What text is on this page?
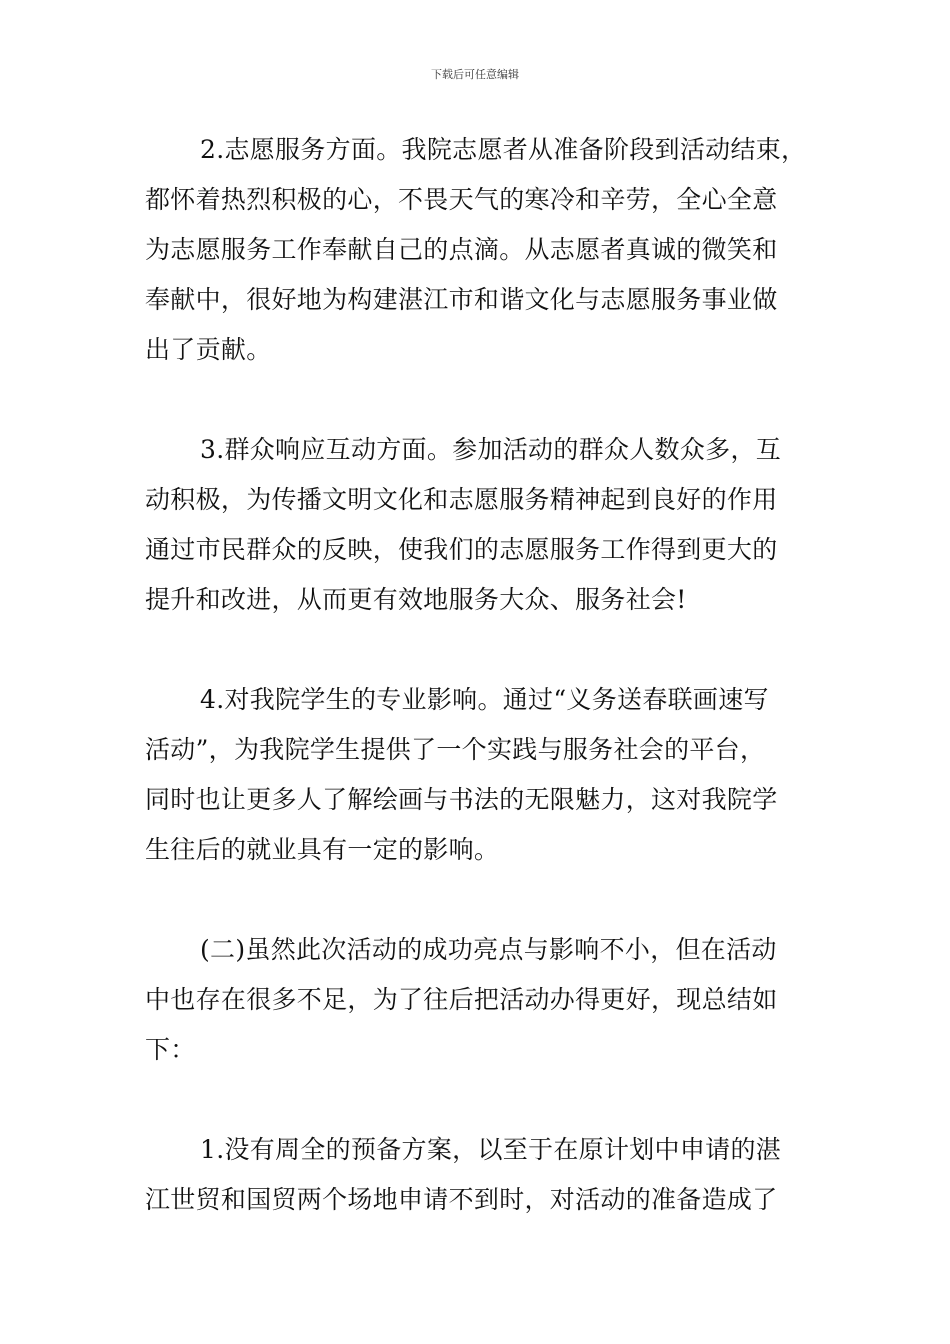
下载后可任意编辑
2.志愿服务方面。我院志愿者从准备阶段到活动结束，
都怀着热烈积极的心，不畏天气的寒冷和辛劳，全心全意
为志愿服务工作奉献自己的点滴。从志愿者真诚的微笑和
奉献中，很好地为构建湛江市和谐文化与志愿服务事业做
出了贡献。
3.群众响应互动方面。参加活动的群众人数众多，互
动积极，为传播文明文化和志愿服务精神起到良好的作用
通过市民群众的反映，使我们的志愿服务工作得到更大的
提升和改进，从而更有效地服务大众、服务社会!
4.对我院学生的专业影响。通过“义务送春联画速写
活动”，为我院学生提供了一个实践与服务社会的平台，
同时也让更多人了解绘画与书法的无限魅力，这对我院学
生往后的就业具有一定的影响。
(二)虽然此次活动的成功亮点与影响不小，但在活动
中也存在很多不足，为了往后把活动办得更好，现总结如
下：
1.没有周全的预备方案，以至于在原计划中申请的湛
江世贸和国贸两个场地申请不到时，对活动的准备造成了
